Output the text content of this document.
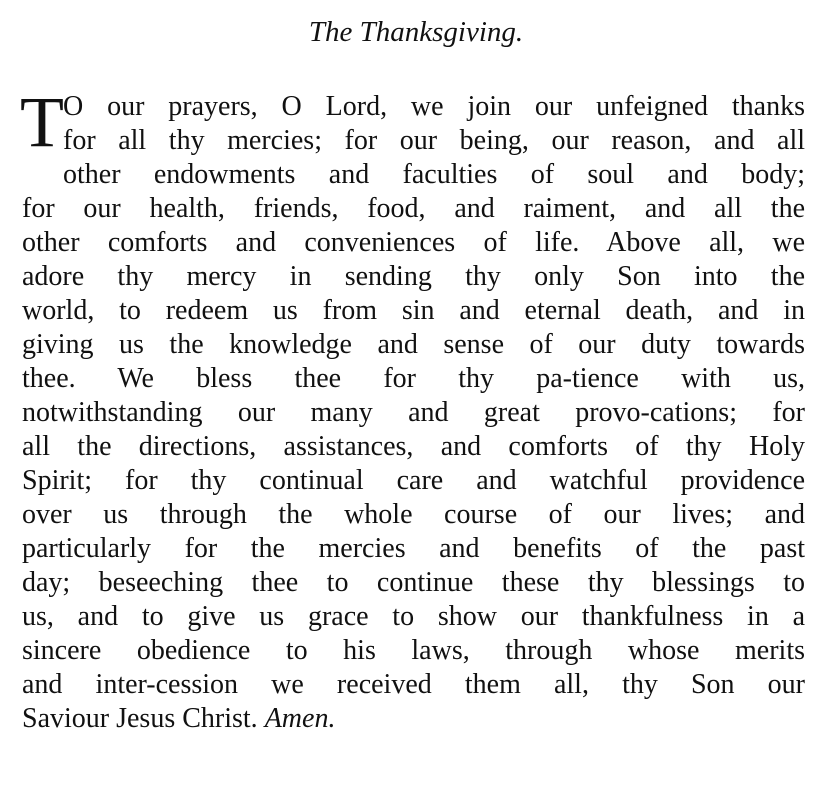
The Thanksgiving.
T O our prayers, O Lord, we join our unfeigned thanks
for all thy mercies; for our being, our reason, and all
other endowments and faculties of soul and body;
for our health, friends, food, and raiment, and all the
other comforts and conveniences of life. Above all, we
adore thy mercy in sending thy only Son into the
world, to redeem us from sin and eternal death, and in
giving us the knowledge and sense of our duty towards
thee. We bless thee for thy pa-tience with us,
notwithstanding our many and great provo-cations; for
all the directions, assistances, and comforts of thy Holy
Spirit; for thy continual care and watchful providence
over us through the whole course of our lives; and
particularly for the mercies and benefits of the past
day; beseeching thee to continue these thy blessings to
us, and to give us grace to show our thankfulness in a
sincere obedience to his laws, through whose merits
and inter-cession we received them all, thy Son our
Saviour Jesus Christ. Amen.
